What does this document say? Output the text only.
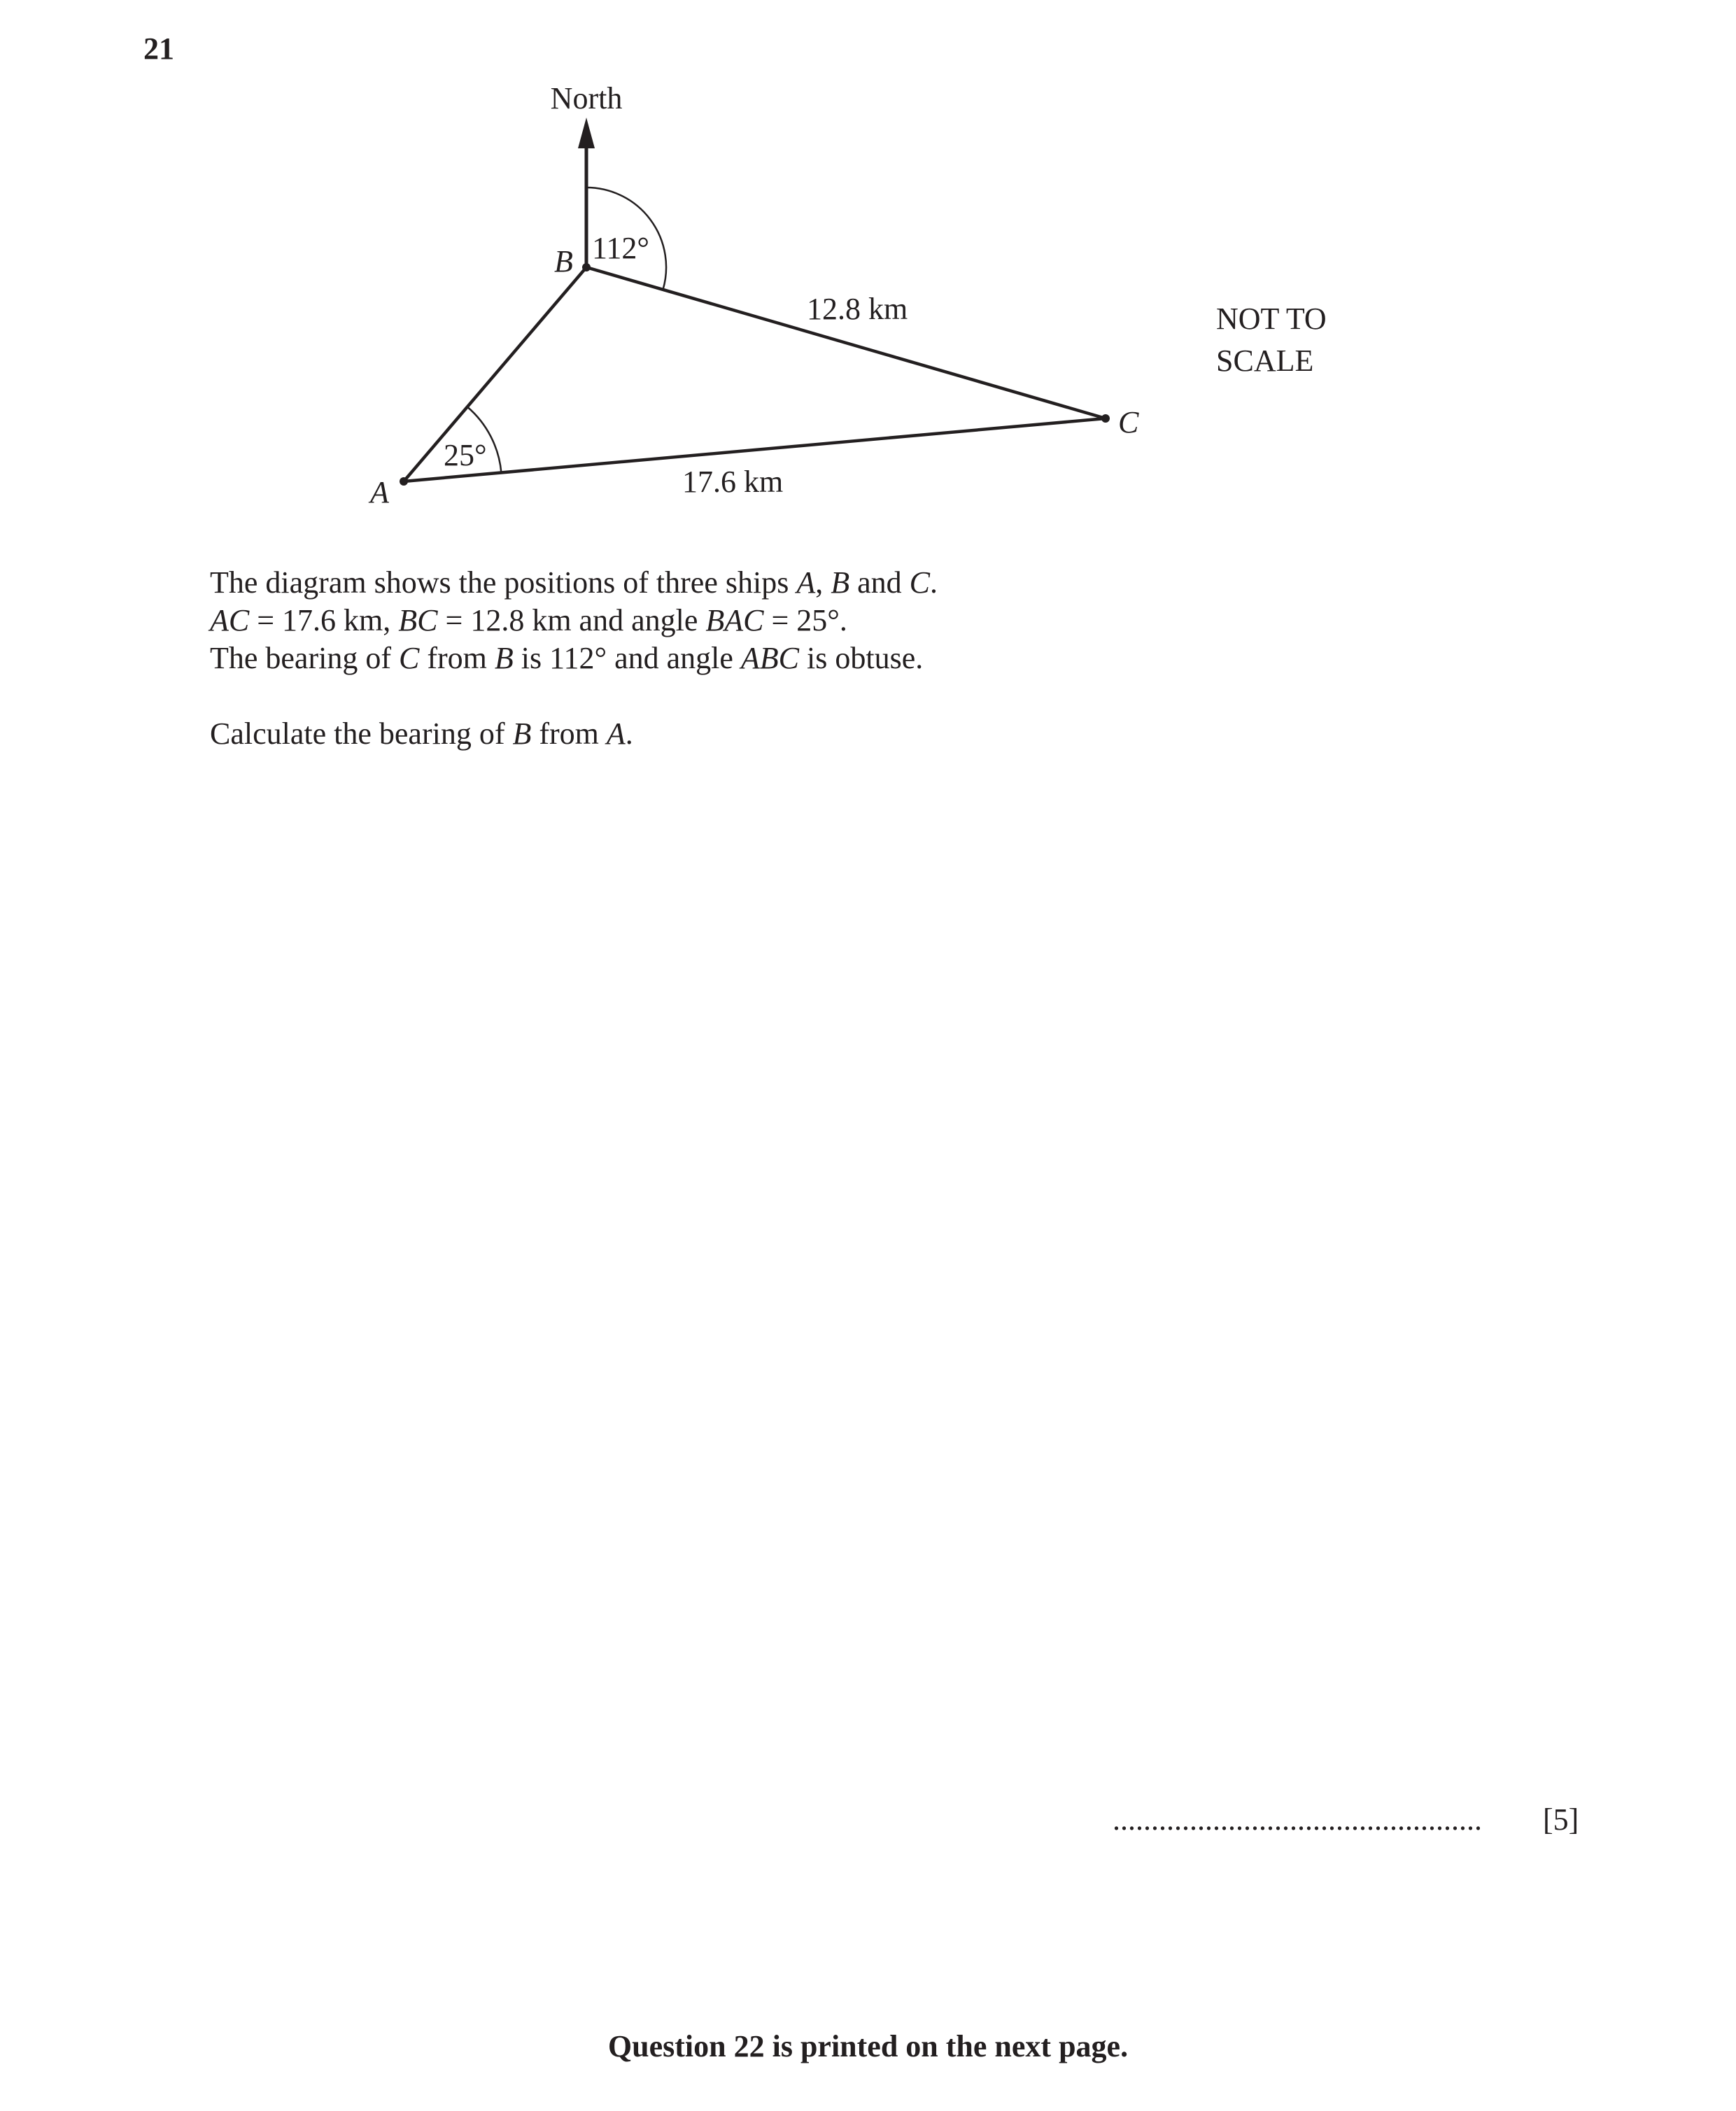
21
North
112°
B
12.8 km
C
25°
A	17.6 km
NOT TO
SCALE
The diagram shows the positions of three ships A, B and C.
AC = 17.6 km, BC = 12.8 km and angle BAC = 25°.
The bearing of C from B is 112° and angle ABC is obtuse.
Calculate the bearing of B from A.
................................................ [5]
Question 22 is printed on the next page.
